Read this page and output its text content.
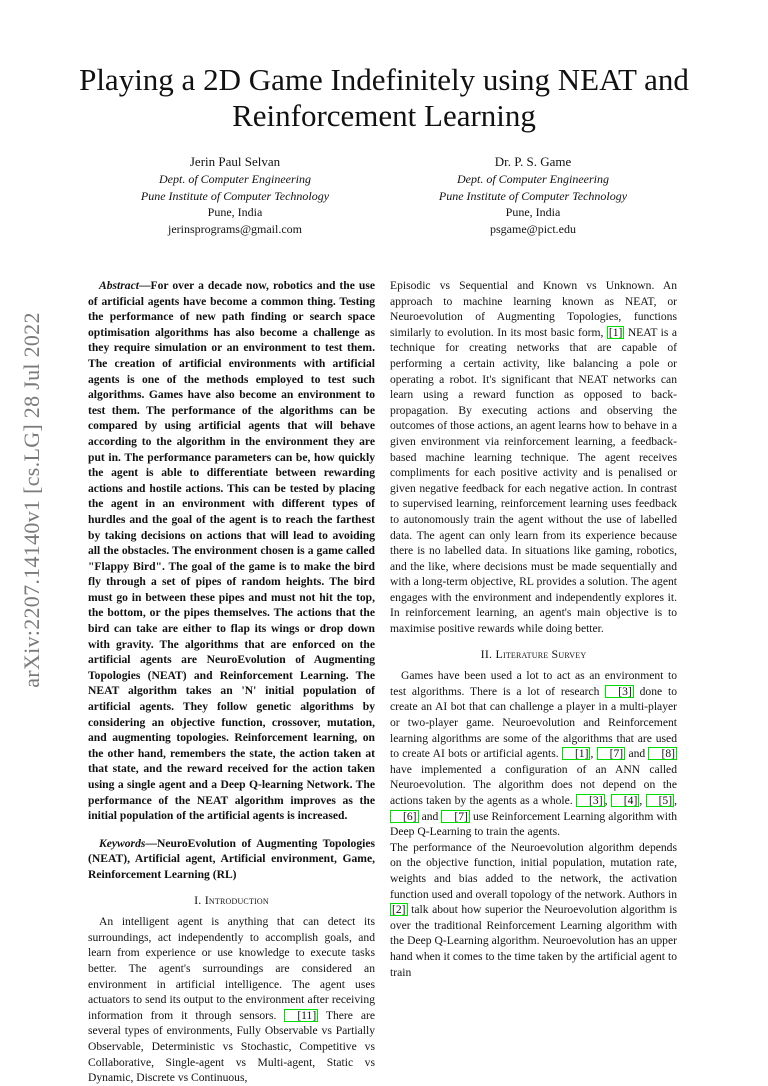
arXiv:2207.14140v1 [cs.LG] 28 Jul 2022
Playing a 2D Game Indefinitely using NEAT and Reinforcement Learning
Jerin Paul Selvan
Dept. of Computer Engineering
Pune Institute of Computer Technology
Pune, India
jerinsprograms@gmail.com
Dr. P. S. Game
Dept. of Computer Engineering
Pune Institute of Computer Technology
Pune, India
psgame@pict.edu

Abstract—For over a decade now, robotics and the use of artificial agents have become a common thing. Testing the performance of new path finding or search space optimisation algorithms has also become a challenge as they require simulation or an environment to test them. The creation of artificial environments with artificial agents is one of the methods employed to test such algorithms. Games have also become an environment to test them. The performance of the algorithms can be compared by using artificial agents that will behave according to the algorithm in the environment they are put in. The performance parameters can be, how quickly the agent is able to differentiate between rewarding actions and hostile actions. This can be tested by placing the agent in an environment with different types of hurdles and the goal of the agent is to reach the farthest by taking decisions on actions that will lead to avoiding all the obstacles. The environment chosen is a game called "Flappy Bird". The goal of the game is to make the bird fly through a set of pipes of random heights. The bird must go in between these pipes and must not hit the top, the bottom, or the pipes themselves. The actions that the bird can take are either to flap its wings or drop down with gravity. The algorithms that are enforced on the artificial agents are NeuroEvolution of Augmenting Topologies (NEAT) and Reinforcement Learning. The NEAT algorithm takes an 'N' initial population of artificial agents. They follow genetic algorithms by considering an objective function, crossover, mutation, and augmenting topologies. Reinforcement learning, on the other hand, remembers the state, the action taken at that state, and the reward received for the action taken using a single agent and a Deep Q-learning Network. The performance of the NEAT algorithm improves as the initial population of the artificial agents is increased.

Keywords—NeuroEvolution of Augmenting Topologies (NEAT), Artificial agent, Artificial environment, Game, Reinforcement Learning (RL)

I. Introduction

An intelligent agent is anything that can detect its surroundings, act independently to accomplish goals, and learn from experience or use knowledge to execute tasks better. The agent's surroundings are considered an environment in artificial intelligence. The agent uses actuators to send its output to the environment after receiving information from it through sensors. [11] There are several types of environments, Fully Observable vs Partially Observable, Deterministic vs Stochastic, Competitive vs Collaborative, Single-agent vs Multi-agent, Static vs Dynamic, Discrete vs Continuous,

Episodic vs Sequential and Known vs Unknown. An approach to machine learning known as NEAT, or Neuroevolution of Augmenting Topologies, functions similarly to evolution. In its most basic form, [1] NEAT is a technique for creating networks that are capable of performing a certain activity, like balancing a pole or operating a robot. It's significant that NEAT networks can learn using a reward function as opposed to back-propagation. By executing actions and observing the outcomes of those actions, an agent learns how to behave in a given environment via reinforcement learning, a feedback-based machine learning technique. The agent receives compliments for each positive activity and is penalised or given negative feedback for each negative action. In contrast to supervised learning, reinforcement learning uses feedback to autonomously train the agent without the use of labelled data. The agent can only learn from its experience because there is no labelled data. In situations like gaming, robotics, and the like, where decisions must be made sequentially and with a long-term objective, RL provides a solution. The agent engages with the environment and independently explores it. In reinforcement learning, an agent's main objective is to maximise positive rewards while doing better.

II. Literature Survey

Games have been used a lot to act as an environment to test algorithms. There is a lot of research [3] done to create an AI bot that can challenge a player in a multi-player or two-player game. Neuroevolution and Reinforcement learning algorithms are some of the algorithms that are used to create AI bots or artificial agents. [1] , [7] and [8] have implemented a configuration of an ANN called Neuroevolution. The algorithm does not depend on the actions taken by the agents as a whole. [3] , [4] , [5] , [6] and [7] use Reinforcement Learning algorithm with Deep Q-Learning to train the agents.

The performance of the Neuroevolution algorithm depends on the objective function, initial population, mutation rate, weights and bias added to the network, the activation function used and overall topology of the network. Authors in [2] talk about how superior the Neuroevolution algorithm is over the traditional Reinforcement Learning algorithm with the Deep Q-Learning algorithm. Neuroevolution has an upper hand when it comes to the time taken by the artificial agent to train
